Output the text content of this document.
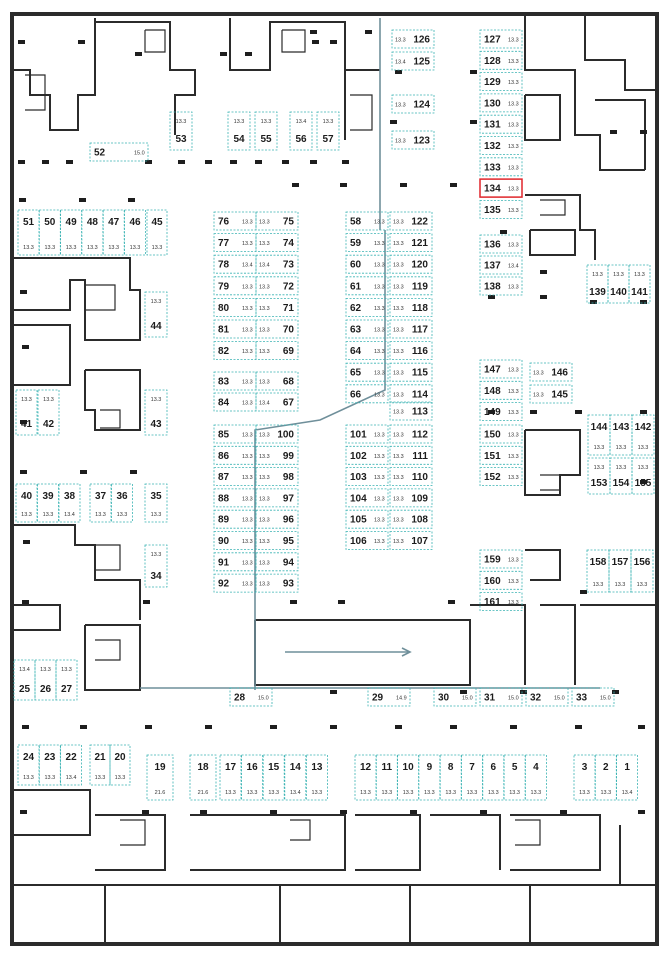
126
13.3
125
13.4
124
13.3
123
13.3
127 13.3
128 13.3
129 13.3
130 13.3
131 13.3
132 13.3
133 13.3
134 13.3
135 13.3
136 13.3
137 13.4
138 13.3
52	15.0
53
13.3
54
13.3
55
13.3
56
13.4
57
13.3
51
13.3
50
13.3
49
13.3
48
13.3
47
13.3
46
13.3
45
13.3
44
13.3
43
13.3
42
13.3
41
13.3
76 13.3
77 13.3
78 13.4
79 13.3
80 13.3
81 13.3
82 13.3
83 13.3
84 13.3
85 13.3
86 13.3
87 13.3
88 13.3
89 13.3
90 13.3
91 13.3
92 13.3
75
13.3
74
13.3
73
13.4
72
13.3
71
13.3
70
13.3
69
13.3
68
13.3
67
13.4
100
13.3
99
13.3
98
13.3
97
13.3
96
13.3
95
13.3
94
13.3
93
13.3
58 13.3
59 13.3
60 13.3
61 13.3
62 13.3
63 13.3
64 13.3
65 13.3
66 13.3
101 13.3
102 13.3
103 13.3
104 13.3
105 13.3
106 13.3
122
13.3
121
13.3
120
13.3
119
13.3
118
13.3
117
13.3
116
13.3
115
13.3
114
13.3
113
13.3
112
13.3
111
13.3
110
13.3
109
13.3
108
13.3
107
13.3
147 13.3
148 13.3
149 13.3
150 13.3
151 13.3
152 13.3
146
13.3
145
13.3
139
13.3
140
13.3
141
13.3
144
13.3
143
13.3
142
13.3
153
13.3
154
13.3
155
13.3
159 13.3
160 13.3
161 13.3
158
13.3
157
13.3
156
13.3
40
13.3
39
13.3
38
13.4
37
13.3
36
13.3
35
13.3
34
13.3
25
13.4
26
13.3
27
13.3
28 15.0	29 14.9	30 15.0 31 15.0 32 15.0 33 15.0
24
13.3
23
13.3
22
13.4
21
13.3
20
13.3
19
21.6
18
21.6
17
13.3
16
13.3
15
13.3
14
13.4
13
13.3
12
13.3
11
13.3
10
13.3
9
13.3
8
13.3
7
13.3
6
13.3
5
13.3
4
13.3
3
13.3
2
13.3
1
13.4
